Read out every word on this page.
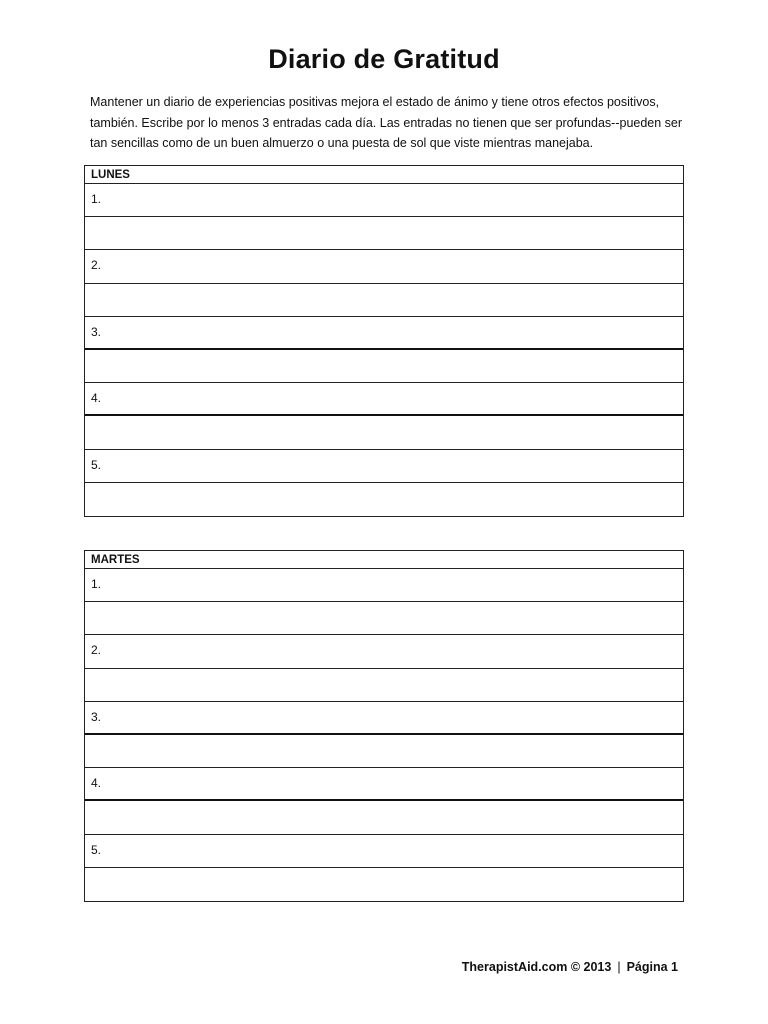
Diario de Gratitud
Mantener un diario de experiencias positivas mejora el estado de ánimo y tiene otros efectos positivos, también. Escribe por lo menos 3 entradas cada día. Las entradas no tienen que ser profundas--pueden ser tan sencillas como de un buen almuerzo o una puesta de sol que viste mientras manejaba.
LUNES
1.
2.
3.
4.
5.
MARTES
1.
2.
3.
4.
5.
TherapistAid.com © 2013 | Página 1
